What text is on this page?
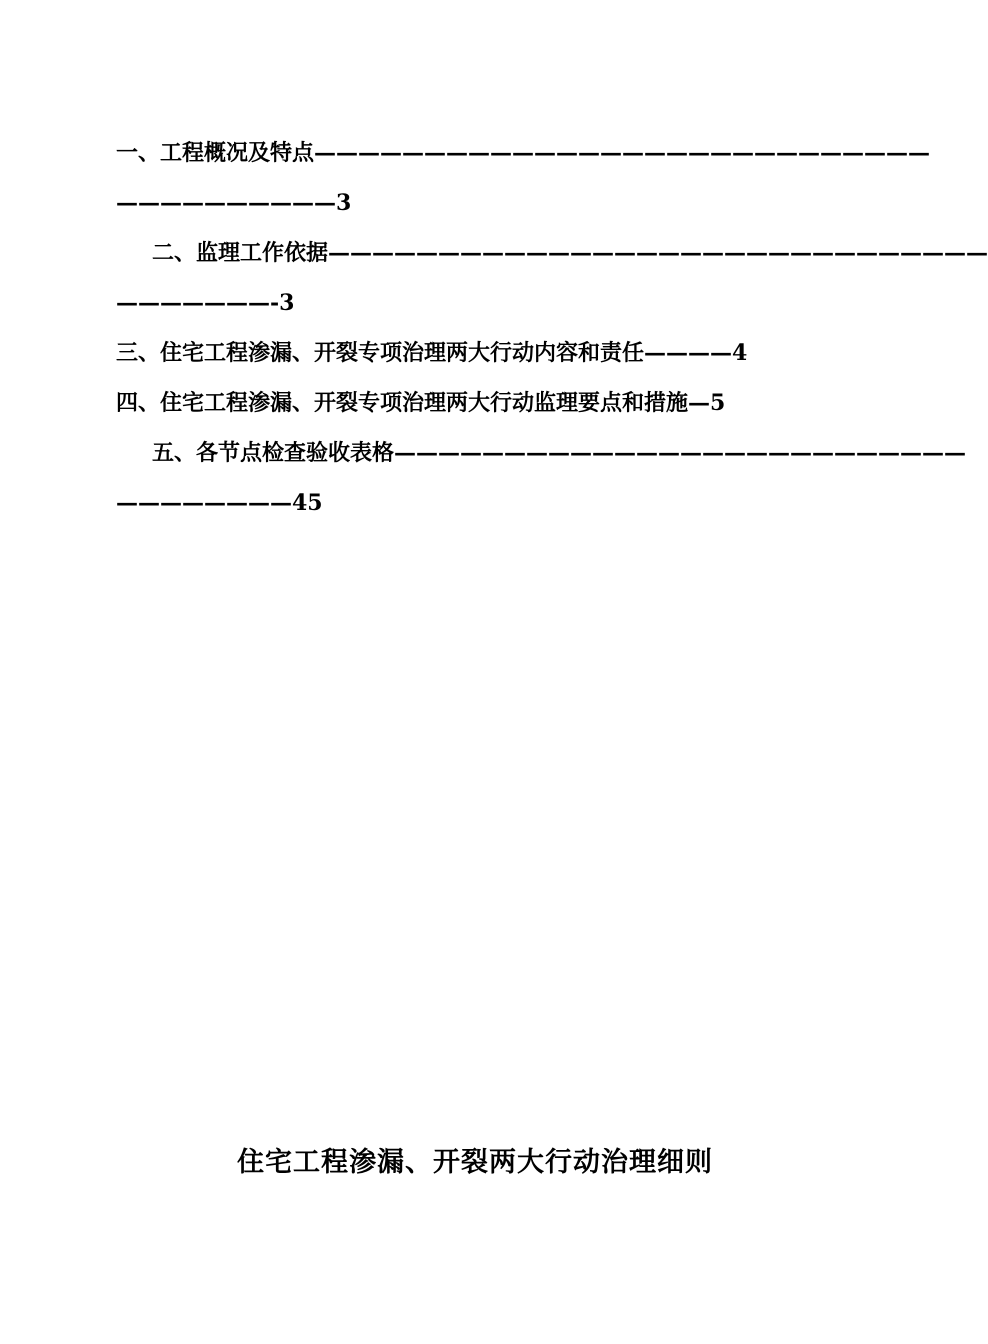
一、工程概况及特点————————————————————————————
——————————3
二、监理工作依据——————————————————————————————
———————-3
三、住宅工程渗漏、开裂专项治理两大行动内容和责任————4
四、住宅工程渗漏、开裂专项治理两大行动监理要点和措施—5
五、各节点检查验收表格——————————————————————————
————————45
住宅工程渗漏、开裂两大行动治理细则
